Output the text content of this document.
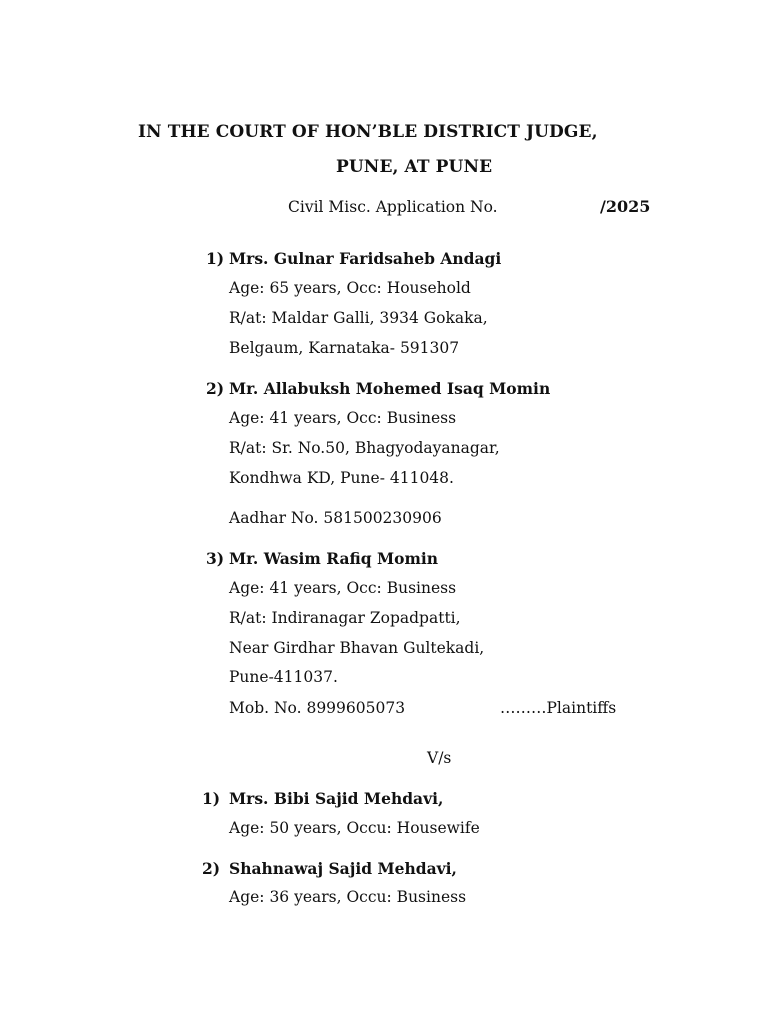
IN THE COURT OF HON’BLE DISTRICT JUDGE,
PUNE, AT PUNE
Civil Misc. Application No.	/2025
1) Mrs. Gulnar Faridsaheb Andagi
Age: 65 years, Occ: Household
R/at: Maldar Galli, 3934 Gokaka,
Belgaum, Karnataka- 591307
2) Mr. Allabuksh Mohemed Isaq Momin
Age: 41 years, Occ: Business
R/at: Sr. No.50, Bhagyodayanagar,
Kondhwa KD, Pune- 411048.
Aadhar No. 581500230906
3) Mr. Wasim Rafiq Momin
Age: 41 years, Occ: Business
R/at: Indiranagar Zopadpatti,
Near Girdhar Bhavan Gultekadi,
Pune-411037.
Mob. No. 8999605073	………Plaintiffs
V/s
1) Mrs. Bibi Sajid Mehdavi,
Age: 50 years, Occu: Housewife
2) Shahnawaj Sajid Mehdavi,
Age: 36 years, Occu: Business
